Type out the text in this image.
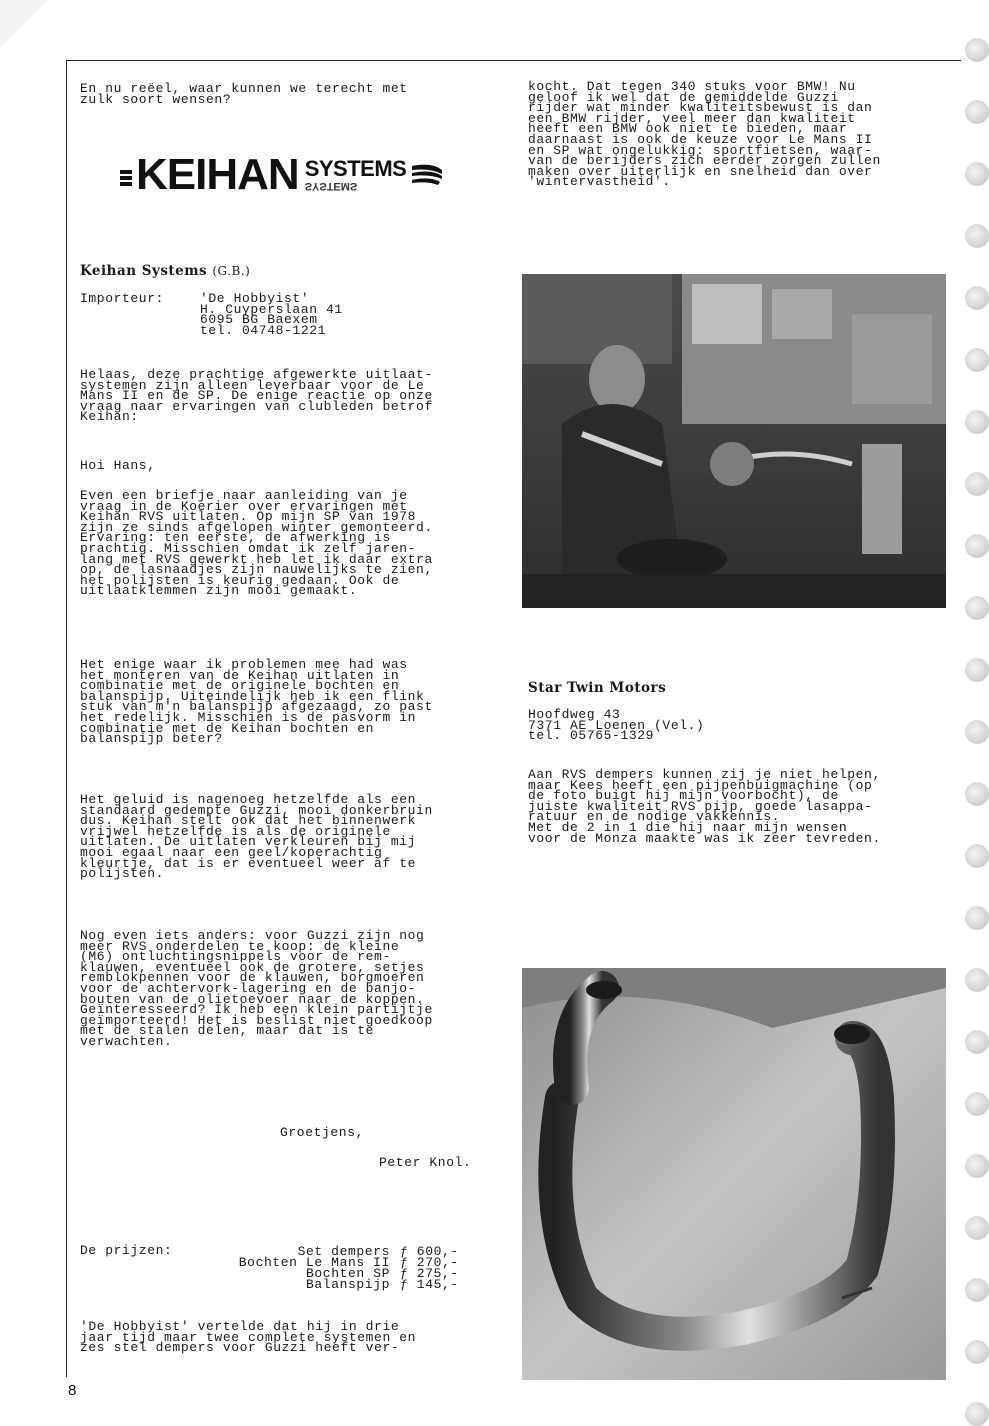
En nu reëel, waar kunnen we terecht met
zulk soort wensen?

KEIHAN SYSTEMS
SYSTEMS
Keihan Systems (G.B.)

Importeur:	'De Hobbyist'
H. Cuyperslaan 41
6095 BG Baexem
tel. 04748-1221

Helaas, deze prachtige afgewerkte uitlaat-
systemen zijn alleen leverbaar voor de Le
Mans II en de SP. De enige reactie op onze
vraag naar ervaringen van clubleden betrof
Keihan:

Hoi Hans,

Even een briefje naar aanleiding van je
vraag in de Koerier over ervaringen met
Keihan RVS uitlaten. Op mijn SP van 1978
zijn ze sinds afgelopen winter gemonteerd.
Ervaring: ten eerste, de afwerking is
prachtig. Misschien omdat ik zelf jaren-
lang met RVS gewerkt heb let ik daar extra
op, de lasnaadjes zijn nauwelijks te zien,
het polijsten is keurig gedaan. Ook de
uitlaatklemmen zijn mooi gemaakt.

Het enige waar ik problemen mee had was
het monteren van de Keihan uitlaten in
combinatie met de originele bochten en
balanspijp. Uiteindelijk heb ik een flink
stuk van m'n balanspijp afgezaagd, zo past
het redelijk. Misschien is de pasvorm in
combinatie met de Keihan bochten en
balanspijp beter?

Het geluid is nagenoeg hetzelfde als een
standaard gedempte Guzzi, mooi donkerbruin
dus. Keihan stelt ook dat het binnenwerk
vrijwel hetzelfde is als de originele
uitlaten. De uitlaten verkleuren bij mij
mooi egaal naar een geel/koperachtig
kleurtje, dat is er eventueel weer af te
polijsten.

Nog even iets anders: voor Guzzi zijn nog
meer RVS onderdelen te koop: de kleine
(M6) ontluchtingsnippels voor de rem-
klauwen, eventueel ook de grotere, setjes
remblokpennen voor de klauwen, borgmoeren
voor de achtervork-lagering en de banjo-
bouten van de olietoevoer naar de koppen.
Geïnteresseerd? Ik heb een klein partijtje
geïmporteerd! Het is beslist niet goedkoop
met de stalen delen, maar dat is te
verwachten.

Groetjens,

Peter Knol.

De prijzen:	Set dempers ƒ 600,-
Bochten Le Mans II ƒ 270,-
Bochten SP ƒ 275,-
Balanspijp ƒ 145,-

'De Hobbyist' vertelde dat hij in drie
jaar tijd maar twee complete systemen en
zes stel dempers voor Guzzi heeft ver-

kocht. Dat tegen 340 stuks voor BMW! Nu
geloof ik wel dat de gemiddelde Guzzi
rijder wat minder kwaliteitsbewust is dan
een BMW rijder, veel meer dan kwaliteit
heeft een BMW ook niet te bieden, maar
daarnaast is ook de keuze voor Le Mans II
en SP wat ongelukkig: sportfietsen, waar-
van de berijders zich eerder zorgen zullen
maken over uiterlijk en snelheid dan over
'wintervastheid'.

Star Twin Motors

Hoofdweg 43
7371 AE Loenen (Vel.)
tel. 05765-1329

Aan RVS dempers kunnen zij je niet helpen,
maar Kees heeft een pijpenbuigmachine (op
de foto buigt hij mijn voorbocht), de
juiste kwaliteit RVS pijp, goede lasappa-
ratuur en de nodige vakkennis.
Met de 2 in 1 die hij naar mijn wensen
voor de Monza maakte was ik zeer tevreden.

8
